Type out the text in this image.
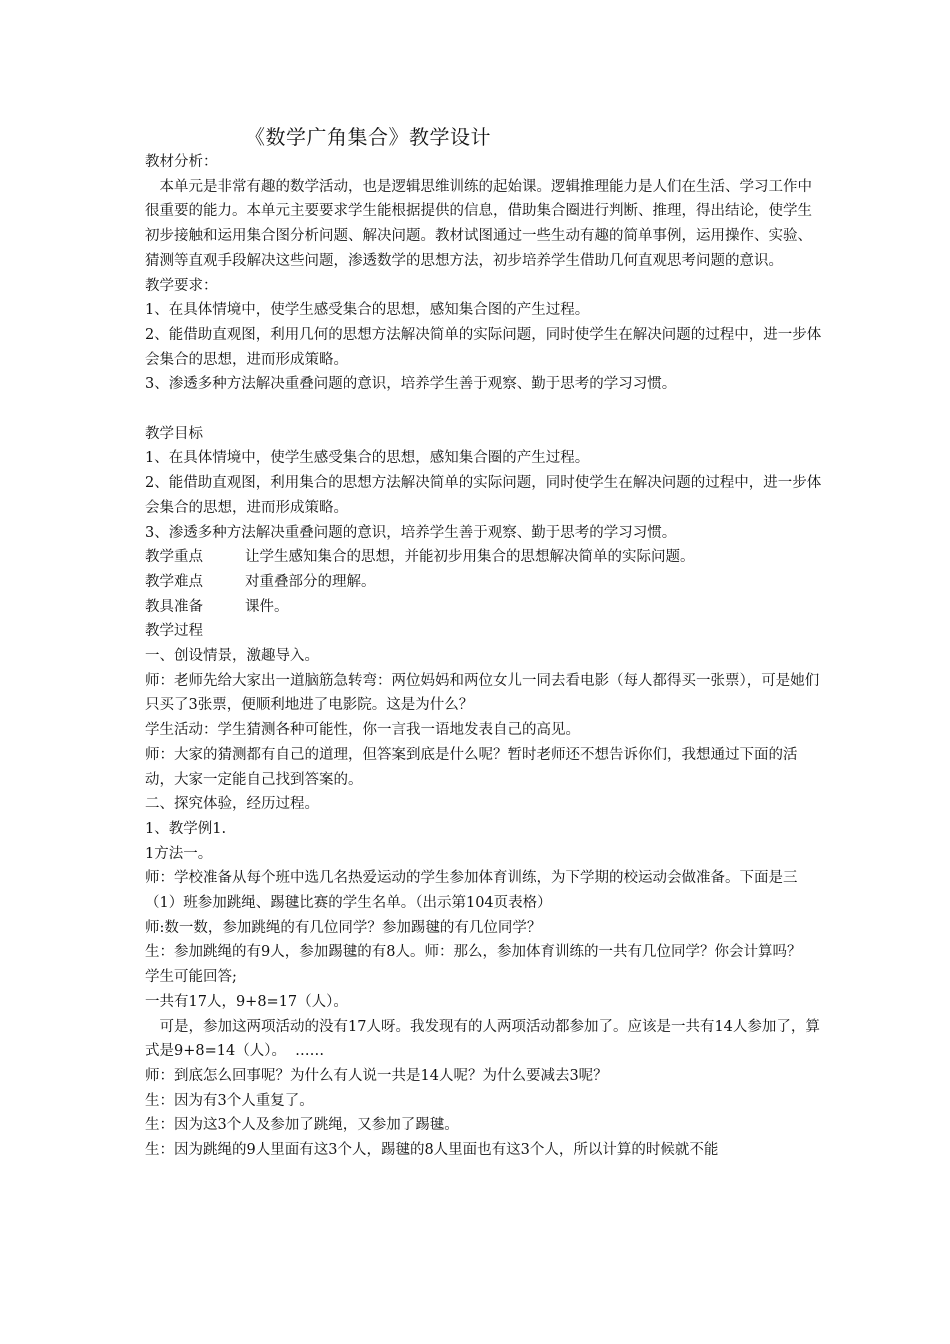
《数学广角集合》教学设计

教材分析：

本单元是非常有趣的数学活动，也是逻辑思维训练的起始课。逻辑推理能力是人们在生活、学习工作中很重要的能力。本单元主要要求学生能根据提供的信息，借助集合圈进行判断、推理，得出结论，使学生初步接触和运用集合图分析问题、解决问题。教材试图通过一些生动有趣的简单事例，运用操作、实验、猜测等直观手段解决这些问题，渗透数学的思想方法，初步培养学生借助几何直观思考问题的意识。

教学要求：

1、在具体情境中，使学生感受集合的思想，感知集合图的产生过程。

2、能借助直观图，利用几何的思想方法解决简单的实际问题，同时使学生在解决问题的过程中，进一步体会集合的思想，进而形成策略。

3、渗透多种方法解决重叠问题的意识，培养学生善于观察、勤于思考的学习习惯。

教学目标

1、在具体情境中，使学生感受集合的思想，感知集合圈的产生过程。

2、能借助直观图，利用集合的思想方法解决简单的实际问题，同时使学生在解决问题的过程中，进一步体会集合的思想，进而形成策略。

3、渗透多种方法解决重叠问题的意识，培养学生善于观察、勤于思考的学习习惯。

教学重点	让学生感知集合的思想，并能初步用集合的思想解决简单的实际问题。

教学难点	对重叠部分的理解。

教具准备	课件。

教学过程

一、创设情景，激趣导入。

师：老师先给大家出一道脑筋急转弯：两位妈妈和两位女儿一同去看电影（每人都得买一张票），可是她们只买了3张票，便顺利地进了电影院。这是为什么？

学生活动：学生猜测各种可能性，你一言我一语地发表自己的高见。

师：大家的猜测都有自己的道理，但答案到底是什么呢？暂时老师还不想告诉你们，我想通过下面的活动，大家一定能自己找到答案的。

二、探究体验，经历过程。

1、教学例1.

1方法一。

师：学校准备从每个班中选几名热爱运动的学生参加体育训练，为下学期的校运动会做准备。下面是三（1）班参加跳绳、踢毽比赛的学生名单。（出示第104页表格）

师:数一数，参加跳绳的有几位同学？参加踢毽的有几位同学？

生：参加跳绳的有9人，参加踢毽的有8人。师：那么，参加体育训练的一共有几位同学？你会计算吗？

学生可能回答;

一共有17人，9+8=17（人）。

可是，参加这两项活动的没有17人呀。我发现有的人两项活动都参加了。应该是一共有14人参加了，算式是9+8=14（人）。  ……

师：到底怎么回事呢？为什么有人说一共是14人呢？为什么要减去3呢？

生：因为有3个人重复了。

生：因为这3个人及参加了跳绳，又参加了踢毽。

生：因为跳绳的9人里面有这3个人，踢毽的8人里面也有这3个人，所以计算的时候就不能
